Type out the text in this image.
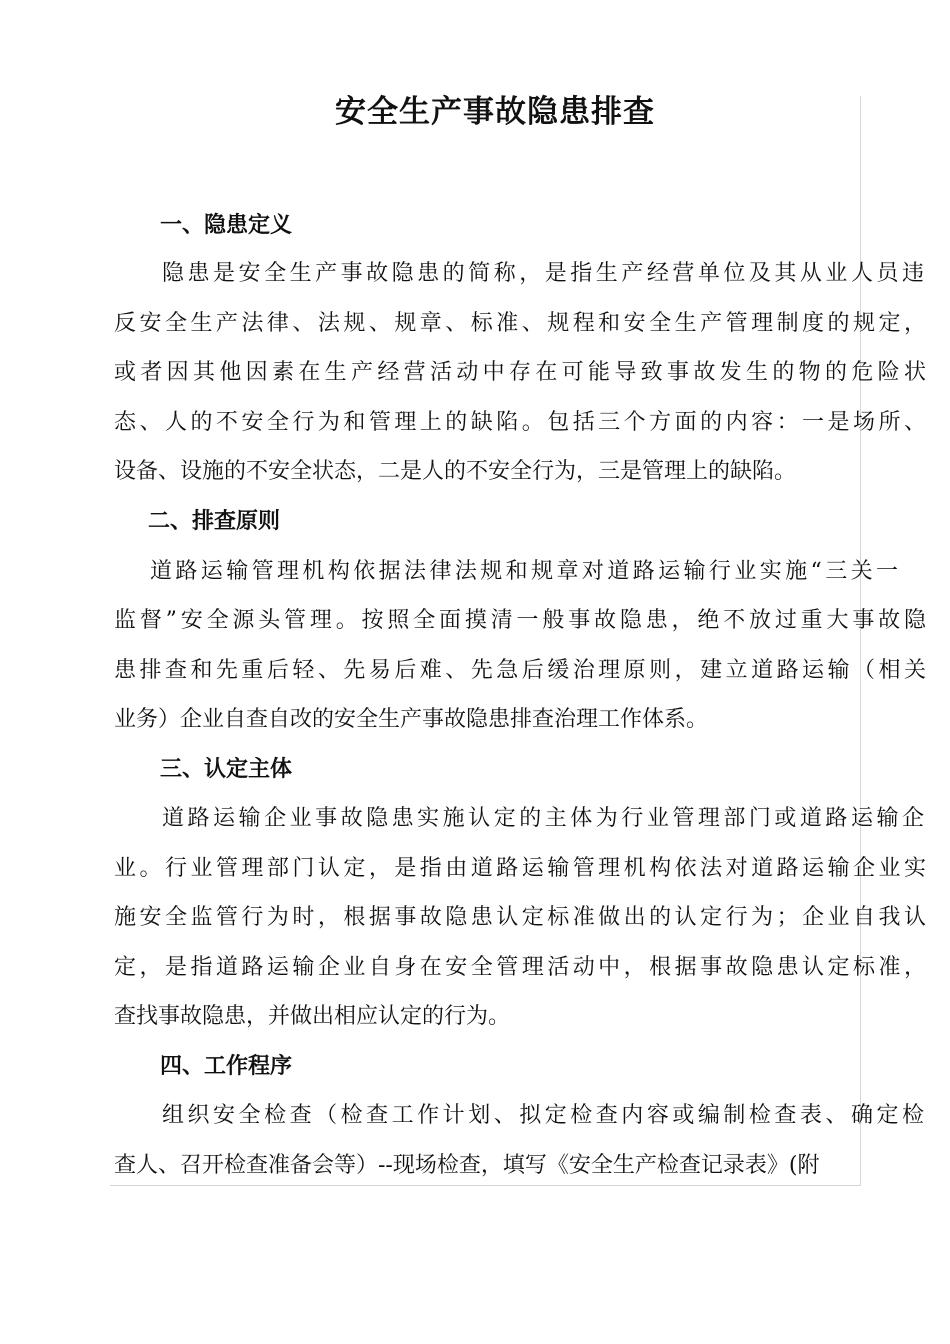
安全生产事故隐患排查
一、隐患定义
隐患是安全生产事故隐患的简称，是指生产经营单位及其从业人员违
反安全生产法律、法规、规章、标准、规程和安全生产管理制度的规定，
或者因其他因素在生产经营活动中存在可能导致事故发生的物的危险状
态、人的不安全行为和管理上的缺陷。包括三个方面的内容：一是场所、
设备、设施的不安全状态，二是人的不安全行为，三是管理上的缺陷。
二、排查原则
道路运输管理机构依据法律法规和规章对道路运输行业实施“三关一
监督”安全源头管理。按照全面摸清一般事故隐患，绝不放过重大事故隐
患排查和先重后轻、先易后难、先急后缓治理原则，建立道路运输（相关
业务）企业自查自改的安全生产事故隐患排查治理工作体系。
三、认定主体
道路运输企业事故隐患实施认定的主体为行业管理部门或道路运输企
业。行业管理部门认定，是指由道路运输管理机构依法对道路运输企业实
施安全监管行为时，根据事故隐患认定标准做出的认定行为；企业自我认
定，是指道路运输企业自身在安全管理活动中，根据事故隐患认定标准，
查找事故隐患，并做出相应认定的行为。
四、工作程序
组织安全检查（检查工作计划、拟定检查内容或编制检查表、确定检
查人、召开检查准备会等）--现场检查，填写《安全生产检查记录表》(附
